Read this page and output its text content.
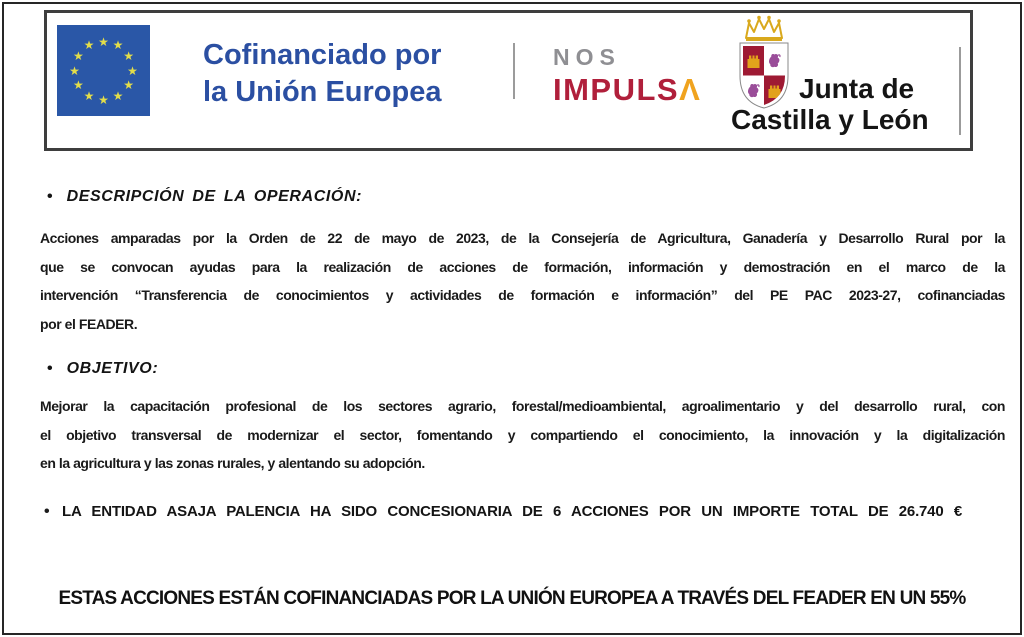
★ ★
★
★
★
★
★
★
★
★
★
★	Cofinanciado por
la Unión Europea
NOS
IMPULSΛ	Junta de
Castilla y León
• DESCRIPCIÓN DE LA OPERACIÓN:
Acciones amparadas por la Orden de 22 de mayo de 2023, de la Consejería de Agricultura, Ganadería y Desarrollo Rural por la
que se convocan ayudas para la realización de acciones de formación, información y demostración en el marco de la
intervención “Transferencia de conocimientos y actividades de formación e información” del PE PAC 2023-27, cofinanciadas
por el FEADER.
• OBJETIVO:
Mejorar la capacitación profesional de los sectores agrario, forestal/medioambiental, agroalimentario y del desarrollo rural, con
el objetivo transversal de modernizar el sector, fomentando y compartiendo el conocimiento, la innovación y la digitalización
en la agricultura y las zonas rurales, y alentando su adopción.
• LA ENTIDAD ASAJA PALENCIA HA SIDO CONCESIONARIA DE 6 ACCIONES POR UN IMPORTE TOTAL DE 26.740 €
ESTAS ACCIONES ESTÁN COFINANCIADAS POR LA UNIÓN EUROPEA A TRAVÉS DEL FEADER EN UN 55%
